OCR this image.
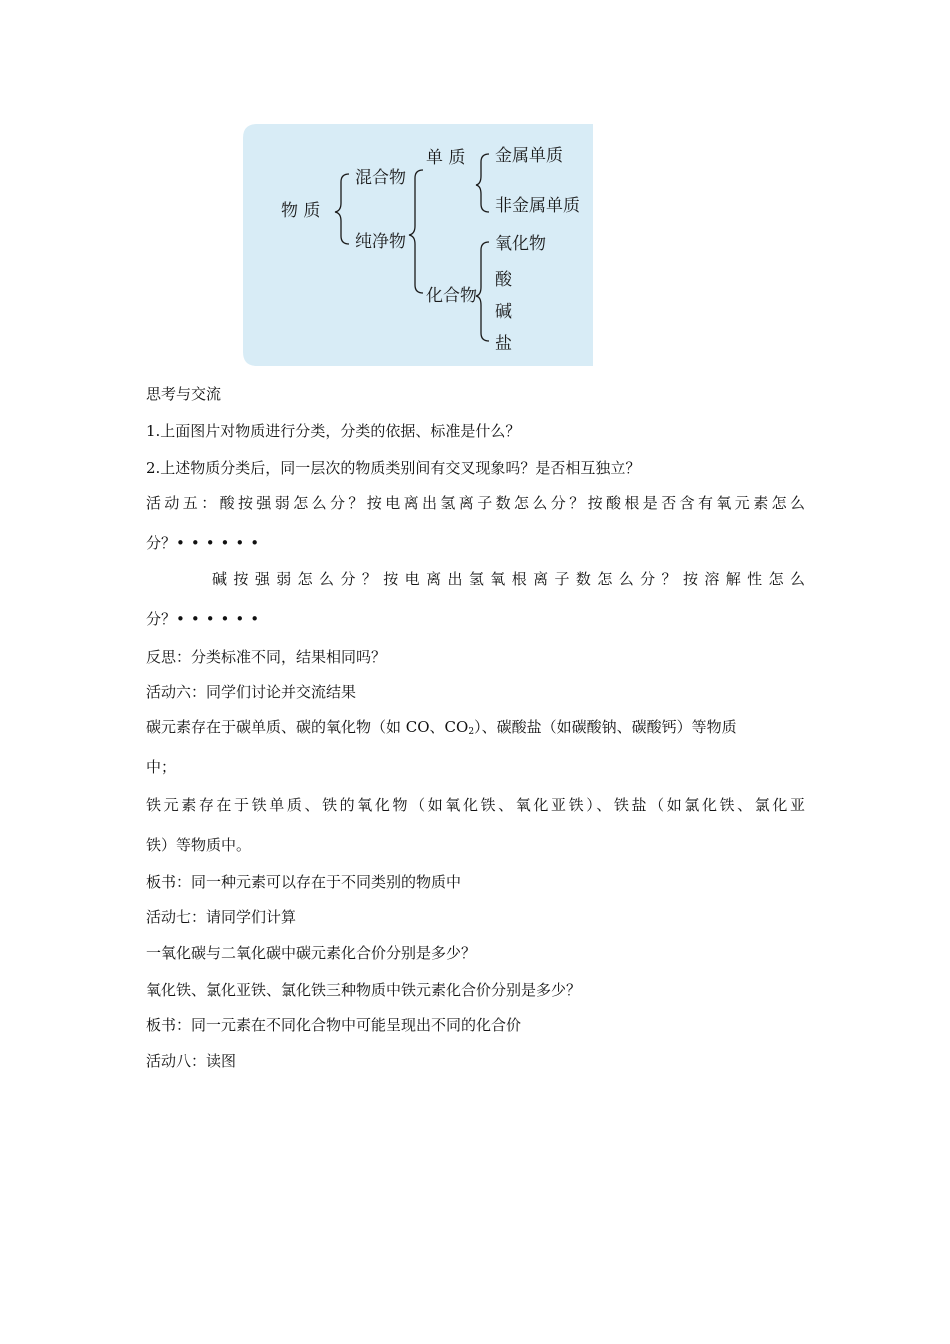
物 质
混合物
纯净物
单 质
化合物
金属单质
非金属单质
氧化物
酸
碱
盐
思考与交流
1.上面图片对物质进行分类，分类的依据、标准是什么？
2.上述物质分类后，同一层次的物质类别间有交叉现象吗？是否相互独立？
活动五：酸按强弱怎么分？按电离出氢离子数怎么分？按酸根是否含有氧元素怎么
分？••••••
碱按强弱怎么分？按电离出氢氧根离子数怎么分？按溶解性怎么
分？••••••
反思：分类标准不同，结果相同吗？
活动六：同学们讨论并交流结果
碳元素存在于碳单质、碳的氧化物（如 CO、$CO_2$）、碳酸盐（如碳酸钠、碳酸钙）等物质
中；
铁元素存在于铁单质、铁的氧化物（如氧化铁、氧化亚铁）、铁盐（如氯化铁、氯化亚
铁）等物质中。
板书：同一种元素可以存在于不同类别的物质中
活动七：请同学们计算
一氧化碳与二氧化碳中碳元素化合价分别是多少？
氧化铁、氯化亚铁、氯化铁三种物质中铁元素化合价分别是多少？
板书：同一元素在不同化合物中可能呈现出不同的化合价
活动八：读图
